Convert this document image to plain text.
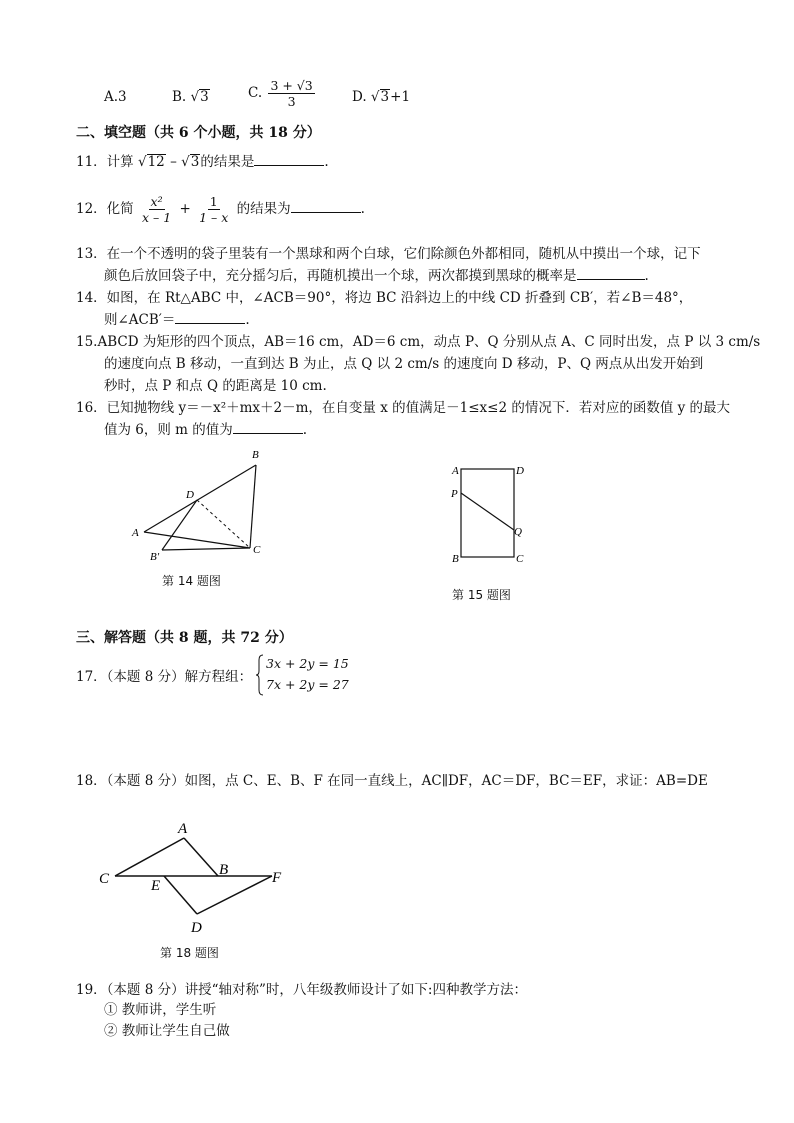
A.3	B. √3	C. $\frac{3 + √3}{3}$	D. √3+1
二、填空题（共 6 个小题，共 18 分）
11．计算 √12 – √3的结果是	.
12．化简 $\frac{\text{x²}}{x - 1} + \frac{1}{1 - x}$ 的结果为	.
13．在一个不透明的袋子里装有一个黑球和两个白球，它们除颜色外都相同，随机从中摸出一个球，记下
颜色后放回袋子中，充分摇匀后，再随机摸出一个球，两次都摸到黑球的概率是	.
14．如图，在 Rt△ABC 中，∠ACB＝90°，将边 BC 沿斜边上的中线 CD 折叠到 CB′，若∠B＝48°，
则∠ACB′＝	.
15.ABCD 为矩形的四个顶点，AB＝16 cm，AD＝6 cm，动点 P、Q 分别从点 A、C 同时出发，点 P 以 3 cm/s
的速度向点 B 移动，一直到达 B 为止，点 Q 以 2 cm/s 的速度向 D 移动，P、Q 两点从出发开始到
秒时，点 P 和点 Q 的距离是 10 cm.
16．已知抛物线 y＝－x²＋mx＋2－m，在自变量 x 的值满足－1≤x≤2 的情况下．若对应的函数值 y 的最大
值为 6，则 m 的值为	.
B
D
A
B′
C
第 14 题图
A	D
P
Q
B	C
第 15 题图
三、解答题（共 8 题，共 72 分）
17．（本题 8 分）解方程组：
3x + 2y = 15
7x + 2y = 27
18．（本题 8 分）如图，点 C、E、B、F 在同一直线上，AC∥DF，AC＝DF，BC＝EF，求证：AB=DE
A
C	E
B	F
D
第 18 题图
19．（本题 8 分）讲授“轴对称”时，八年级教师设计了如下:四种教学方法：
① 教师讲，学生听
② 教师让学生自己做
